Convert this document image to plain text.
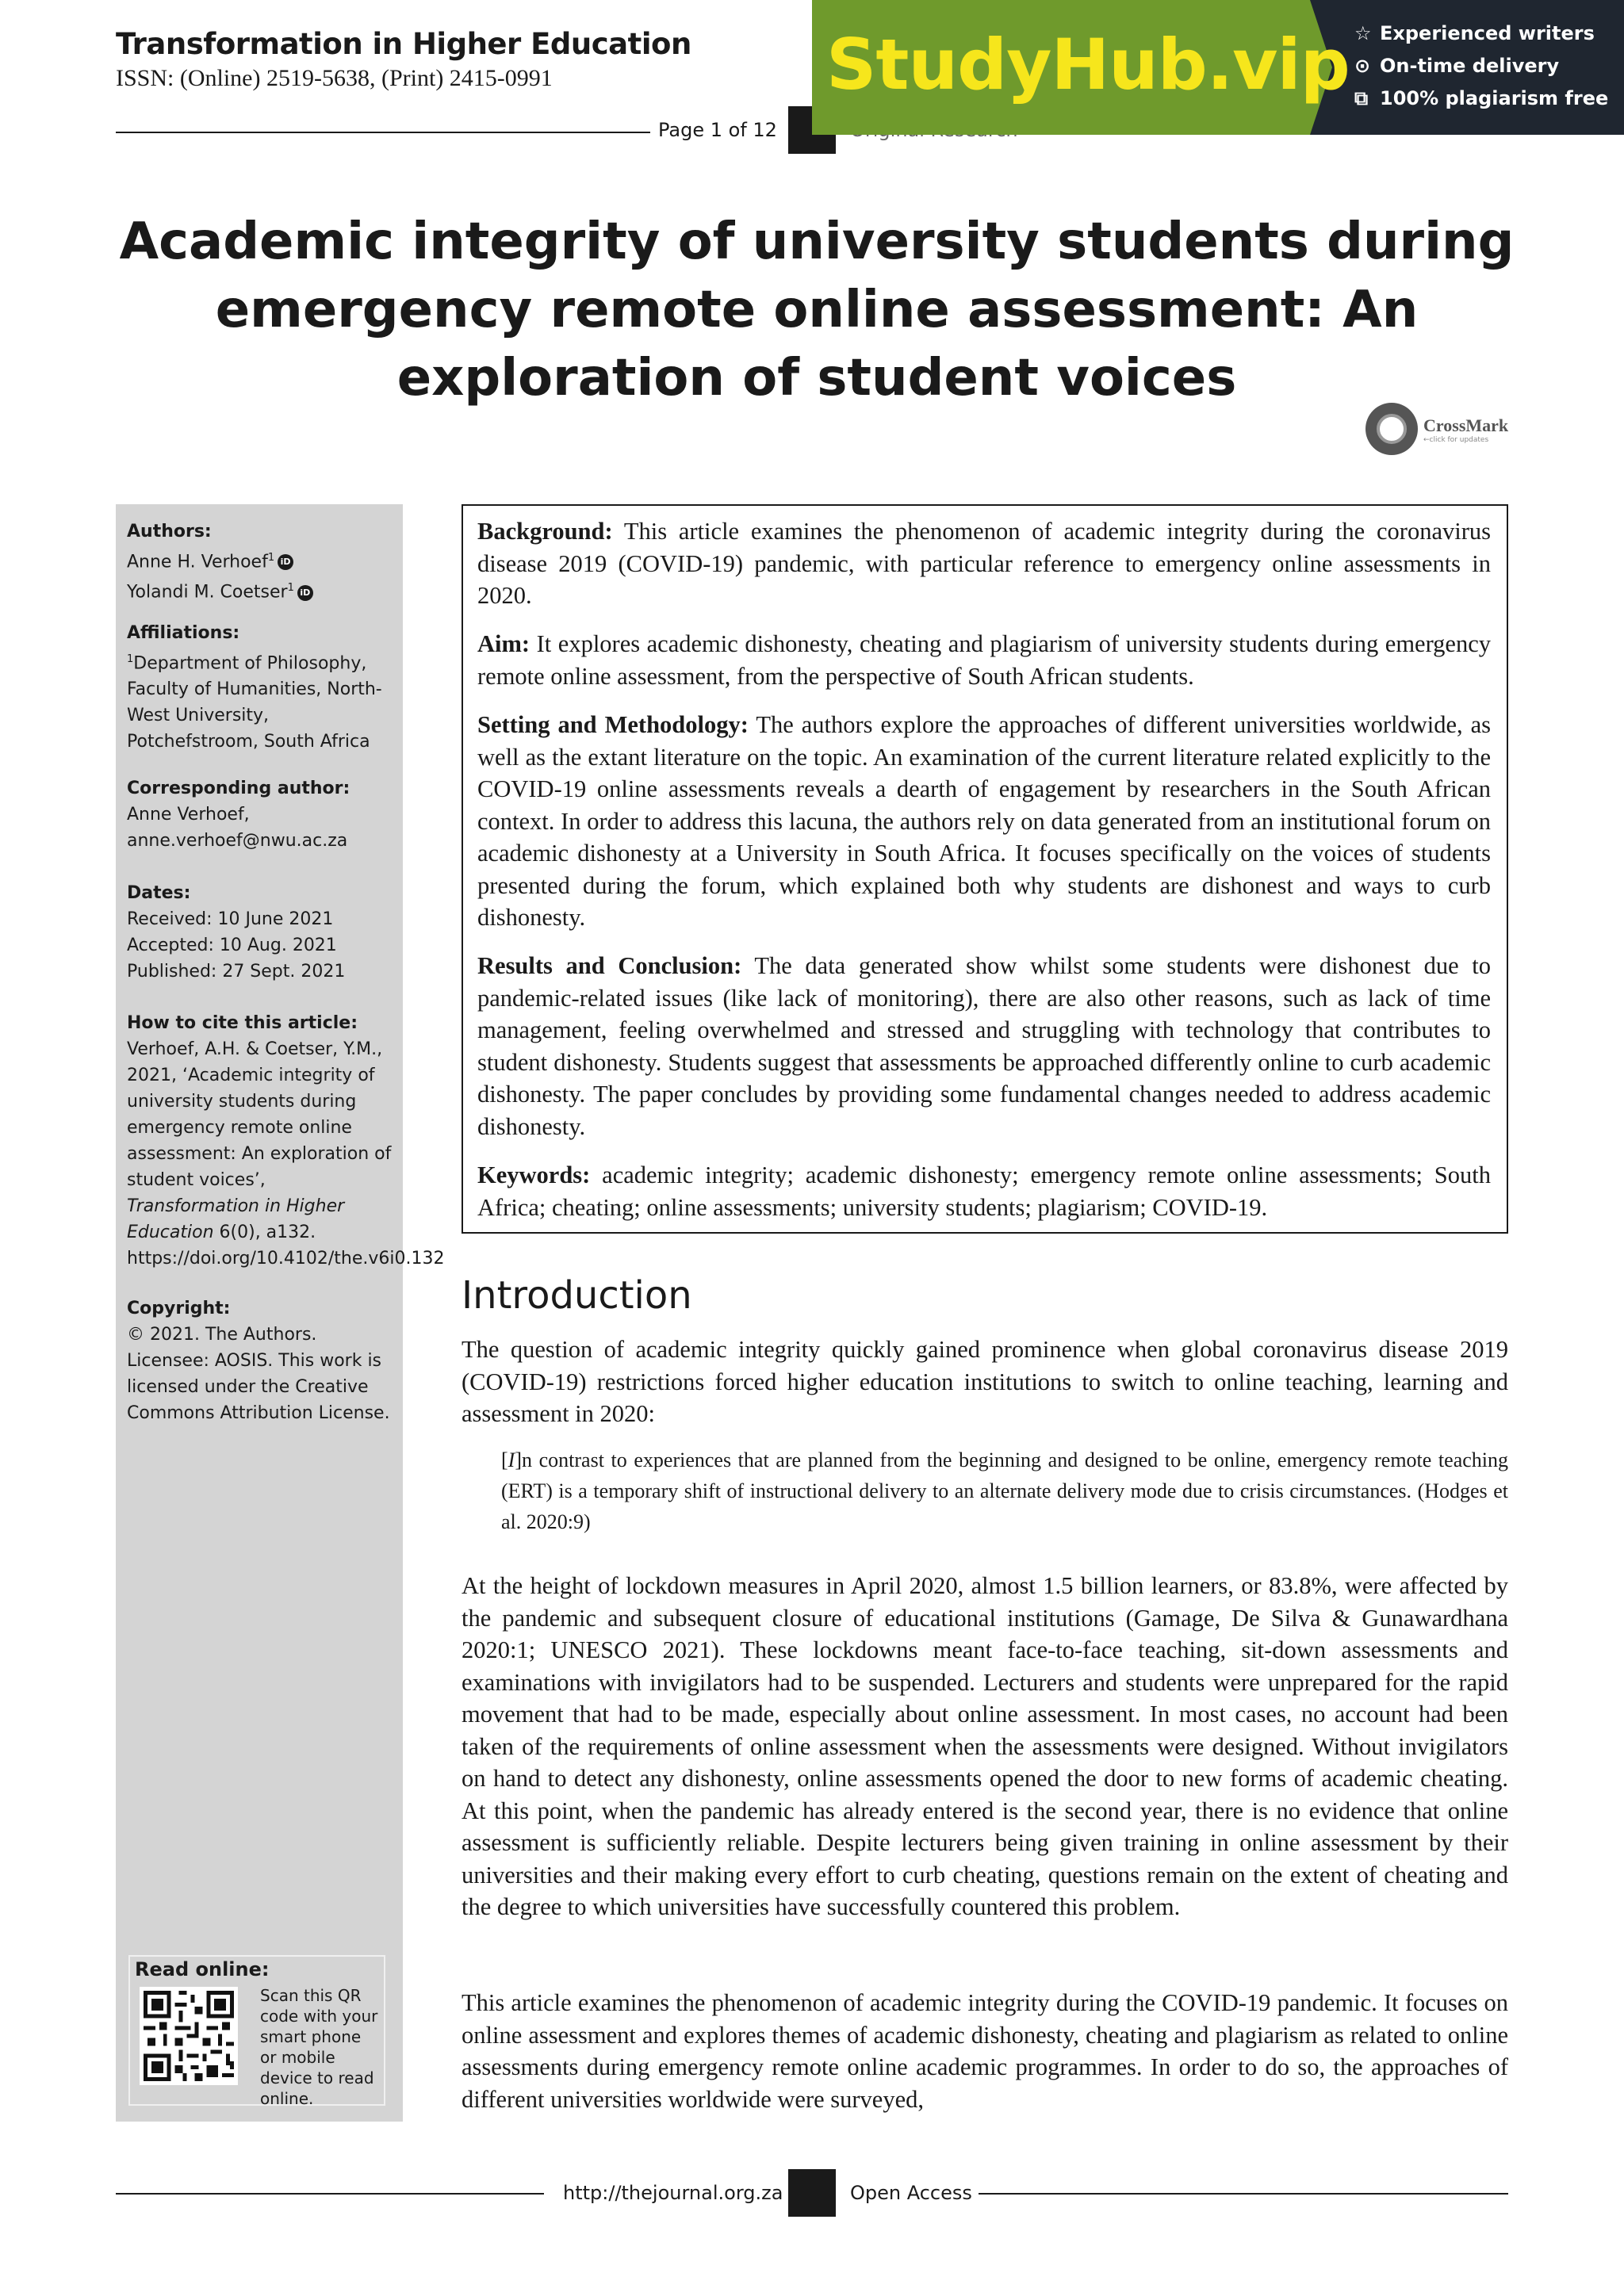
Transformation in Higher Education
ISSN: (Online) 2519-5638, (Print) 2415-0991
Page 1 of 12
StudyHub.vip ☆ Experienced writers
⊙ On-time delivery
⧉ 100% plagiarism free
Academic integrity of university students during emergency remote online assessment: An exploration of student voices
CrossMark
←click for updates

Authors:

Anne H. Verhoef$^1$ iD

Yolandi M. Coetser$^1$ iD

Affiliations:

$^1$Department of Philosophy, Faculty of Humanities, North-West University, Potchefstroom, South Africa

Corresponding author:

Anne Verhoef,

anne.verhoef@nwu.ac.za

Dates:

Received: 10 June 2021

Accepted: 10 Aug. 2021

Published: 27 Sept. 2021

How to cite this article:

Verhoef, A.H. & Coetser, Y.M., 2021, ‘Academic integrity of university students during emergency remote online assessment: An exploration of student voices’, Transformation in Higher Education 6(0), a132. https://doi.org/10.4102/the.v6i0.132

Copyright:

© 2021. The Authors. Licensee: AOSIS. This work is licensed under the Creative Commons Attribution License.

Read online:
Scan this QR code with your smart phone or mobile device to read online.

Background: This article examines the phenomenon of academic integrity during the coronavirus disease 2019 (COVID-19) pandemic, with particular reference to emergency online assessments in 2020.

Aim: It explores academic dishonesty, cheating and plagiarism of university students during emergency remote online assessment, from the perspective of South African students.

Setting and Methodology: The authors explore the approaches of different universities worldwide, as well as the extant literature on the topic. An examination of the current literature related explicitly to the COVID-19 online assessments reveals a dearth of engagement by researchers in the South African context. In order to address this lacuna, the authors rely on data generated from an institutional forum on academic dishonesty at a University in South Africa. It focuses specifically on the voices of students presented during the forum, which explained both why students are dishonest and ways to curb dishonesty.

Results and Conclusion: The data generated show whilst some students were dishonest due to pandemic-related issues (like lack of monitoring), there are also other reasons, such as lack of time management, feeling overwhelmed and stressed and struggling with technology that contributes to student dishonesty. Students suggest that assessments be approached differently online to curb academic dishonesty. The paper concludes by providing some fundamental changes needed to address academic dishonesty.

Keywords: academic integrity; academic dishonesty; emergency remote online assessments; South Africa; cheating; online assessments; university students; plagiarism; COVID-19.

Introduction

The question of academic integrity quickly gained prominence when global coronavirus disease 2019 (COVID-19) restrictions forced higher education institutions to switch to online teaching, learning and assessment in 2020:

[I]n contrast to experiences that are planned from the beginning and designed to be online, emergency remote teaching (ERT) is a temporary shift of instructional delivery to an alternate delivery mode due to crisis circumstances. (Hodges et al. 2020:9)

At the height of lockdown measures in April 2020, almost 1.5 billion learners, or 83.8%, were affected by the pandemic and subsequent closure of educational institutions (Gamage, De Silva & Gunawardhana 2020:1; UNESCO 2021). These lockdowns meant face-to-face teaching, sit-down assessments and examinations with invigilators had to be suspended. Lecturers and students were unprepared for the rapid movement that had to be made, especially about online assessment. In most cases, no account had been taken of the requirements of online assessment when the assessments were designed. Without invigilators on hand to detect any dishonesty, online assessments opened the door to new forms of academic cheating. At this point, when the pandemic has already entered is the second year, there is no evidence that online assessment is sufficiently reliable. Despite lecturers being given training in online assessment by their universities and their making every effort to curb cheating, questions remain on the extent of cheating and the degree to which universities have successfully countered this problem.

This article examines the phenomenon of academic integrity during the COVID-19 pandemic. It focuses on online assessment and explores themes of academic dishonesty, cheating and plagiarism as related to online assessments during emergency remote online academic programmes. In order to do so, the approaches of different universities worldwide were surveyed,

http://thejournal.org.za	Open Access
